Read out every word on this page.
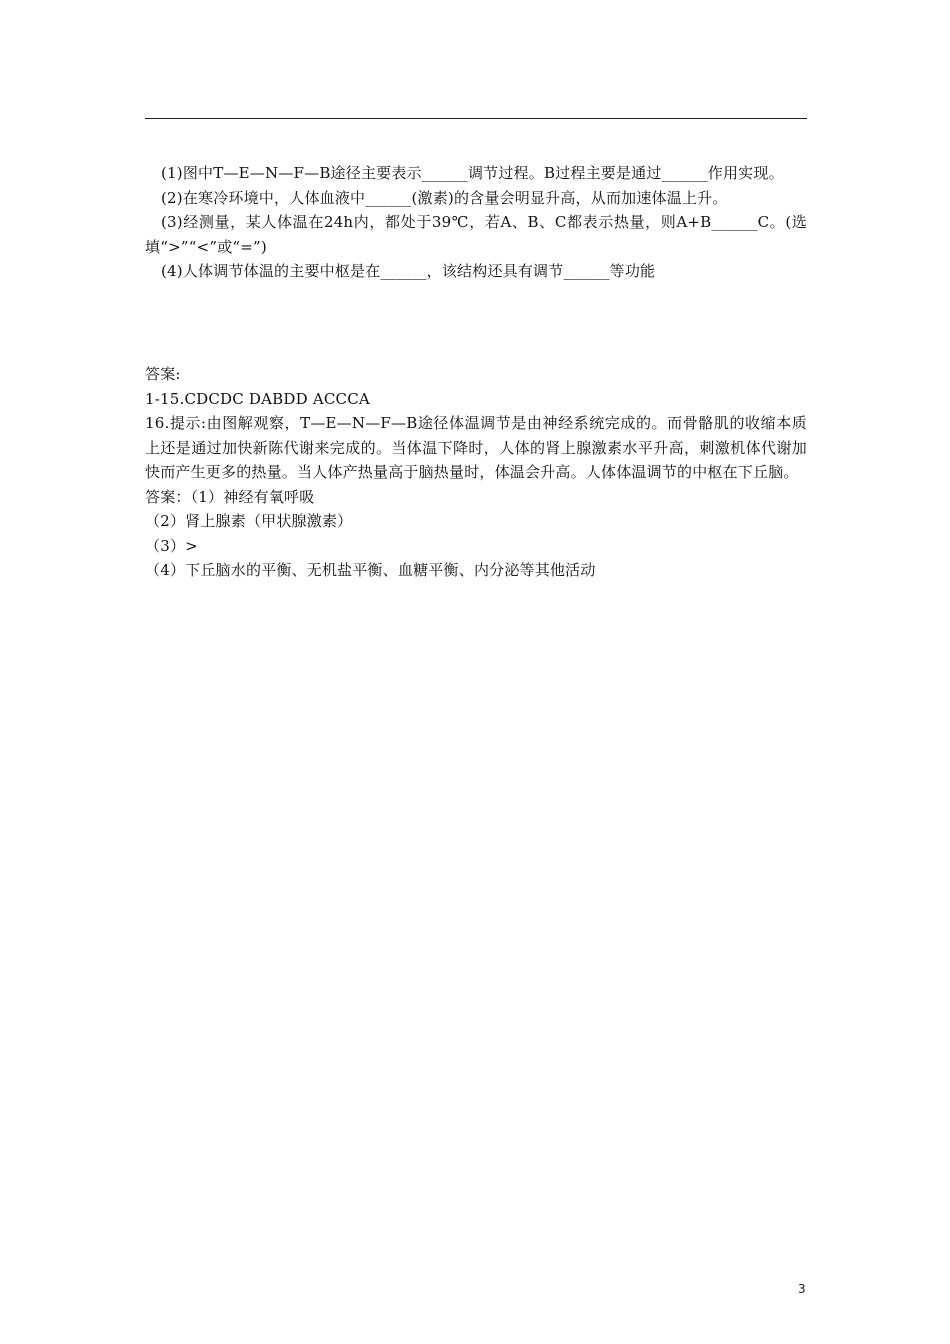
(1)图中T—E—N—F—B途径主要表示______调节过程。B过程主要是通过______作用实现。

(2)在寒冷环境中，人体血液中______(激素)的含量会明显升高，从而加速体温上升。

(3)经测量，某人体温在24h内，都处于39℃，若A、B、C都表示热量，则A+B______C。(选填“>”“<”或“=”)

(4)人体调节体温的主要中枢是在______，该结构还具有调节______等功能

答案:

1-15.CDCDC DABDD ACCCA

16.提示:由图解观察，T—E—N—F—B途径体温调节是由神经系统完成的。而骨骼肌的收缩本质上还是通过加快新陈代谢来完成的。当体温下降时，人体的肾上腺激素水平升高，刺激机体代谢加快而产生更多的热量。当人体产热量高于脑热量时，体温会升高。人体体温调节的中枢在下丘脑。

答案：（1）神经有氧呼吸

（2）肾上腺素（甲状腺激素）

（3）>

（4）下丘脑水的平衡、无机盐平衡、血糖平衡、内分泌等其他活动

3
